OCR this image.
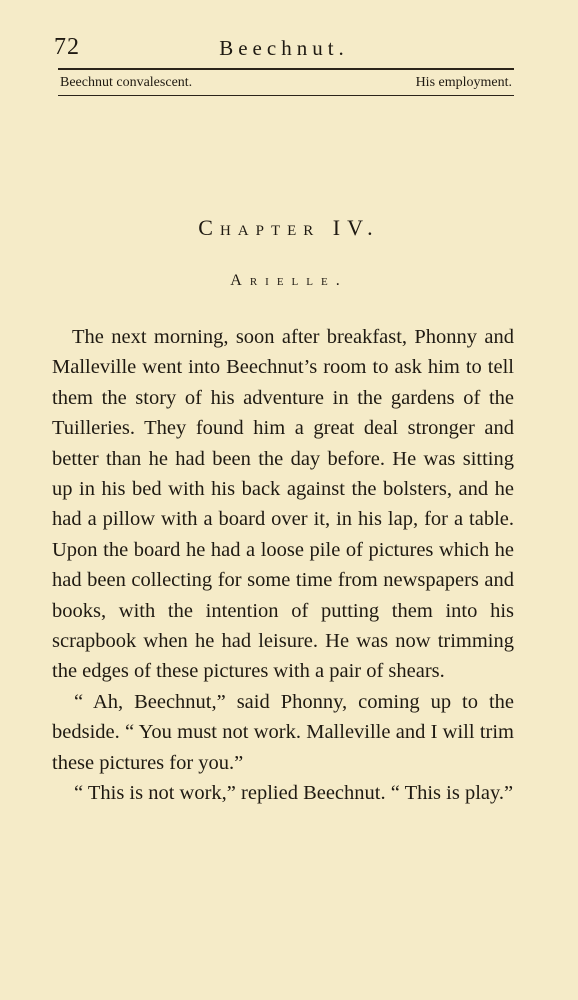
72	Beechnut.
Beechnut convalescent.	His employment.
Chapter IV.
Arielle.

The next morning, soon after breakfast, Phonny and Malleville went into Beechnut’s room to ask him to tell them the story of his adventure in the gardens of the Tuilleries. They found him a great deal stronger and better than he had been the day before. He was sitting up in his bed with his back against the bolsters, and he had a pillow with a board over it, in his lap, for a table. Upon the board he had a loose pile of pictures which he had been collecting for some time from newspapers and books, with the intention of putting them into his scrapbook when he had leisure. He was now trimming the edges of these pictures with a pair of shears.

“ Ah, Beechnut,” said Phonny, coming up to the bedside. “ You must not work. Malleville and I will trim these pictures for you.”

“ This is not work,” replied Beechnut. “ This is play.”
